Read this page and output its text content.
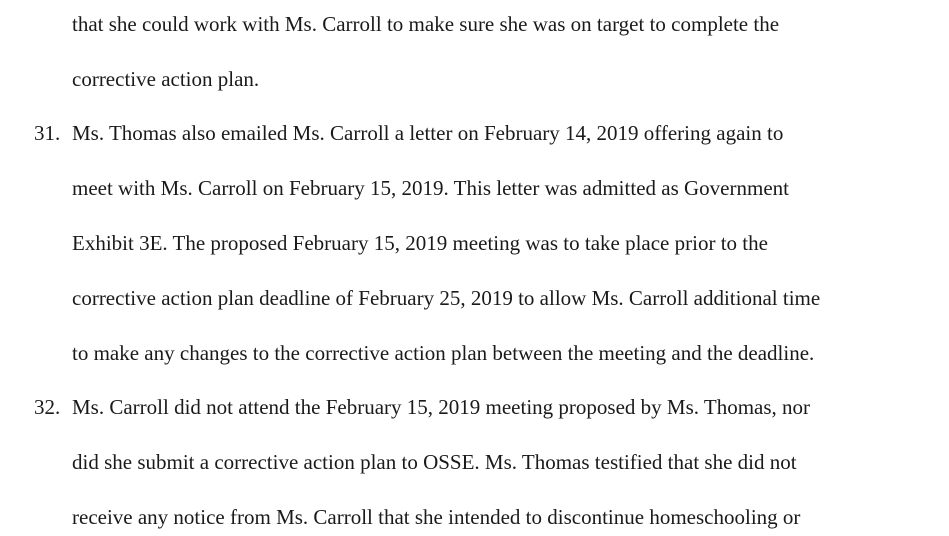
that she could work with Ms. Carroll to make sure she was on target to complete the
corrective action plan.
31. Ms. Thomas also emailed Ms. Carroll a letter on February 14, 2019 offering again to
meet with Ms. Carroll on February 15, 2019. This letter was admitted as Government
Exhibit 3E. The proposed February 15, 2019 meeting was to take place prior to the
corrective action plan deadline of February 25, 2019 to allow Ms. Carroll additional time
to make any changes to the corrective action plan between the meeting and the deadline.
32. Ms. Carroll did not attend the February 15, 2019 meeting proposed by Ms. Thomas, nor
did she submit a corrective action plan to OSSE. Ms. Thomas testified that she did not
receive any notice from Ms. Carroll that she intended to discontinue homeschooling or
